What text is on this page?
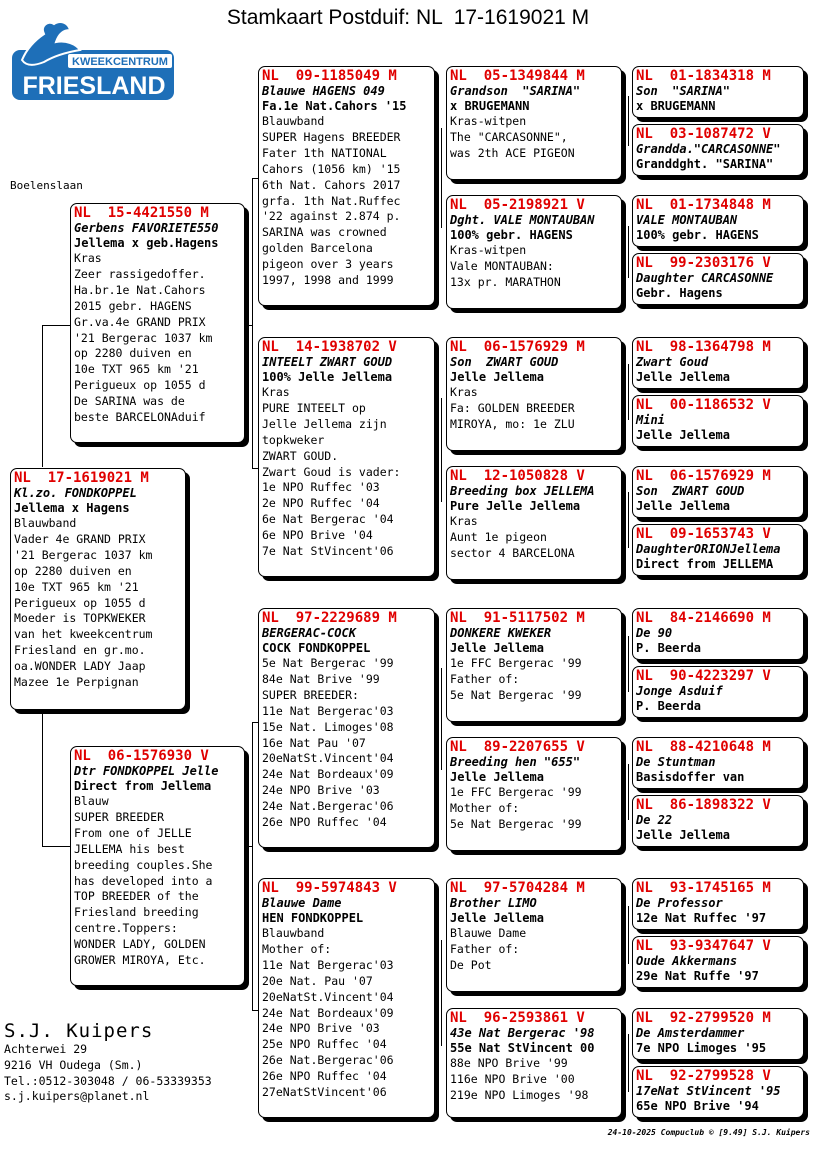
Stamkaart Postduif: NL  17-1619021 M
KWEEKCENTRUM
FRIESLAND
Boelenslaan
NL  17-1619021 M
Kl.zo. FONDKOPPEL
Jellema x Hagens
Blauwband
Vader 4e GRAND PRIX
'21 Bergerac 1037 km
op 2280 duiven en
10e TXT 965 km '21
Perigueux op 1055 d
Moeder is TOPKWEKER
van het kweekcentrum
Friesland en gr.mo.
oa.WONDER LADY Jaap
Mazee 1e Perpignan
NL  15-4421550 M
Gerbens FAVORIETE550
Jellema x geb.Hagens
Kras
Zeer rassigedoffer.
Ha.br.1e Nat.Cahors
2015 gebr. HAGENS
Gr.va.4e GRAND PRIX
'21 Bergerac 1037 km
op 2280 duiven en
10e TXT 965 km '21
Perigueux op 1055 d
De SARINA was de
beste BARCELONAduif
NL  06-1576930 V
Dtr FONDKOPPEL Jelle
Direct from Jellema
Blauw
SUPER BREEDER
From one of JELLE
JELLEMA his best
breeding couples.She
has developed into a
TOP BREEDER of the
Friesland breeding
centre.Toppers:
WONDER LADY, GOLDEN
GROWER MIROYA, Etc.
NL  09-1185049 M
Blauwe HAGENS 049
Fa.1e Nat.Cahors '15
Blauwband
SUPER Hagens BREEDER
Fater 1th NATIONAL
Cahors (1056 km) '15
6th Nat. Cahors 2017
grfa. 1th Nat.Ruffec
'22 against 2.874 p.
SARINA was crowned
golden Barcelona
pigeon over 3 years
1997, 1998 and 1999
NL  14-1938702 V
INTEELT ZWART GOUD
100% Jelle Jellema
Kras
PURE INTEELT op
Jelle Jellema zijn
topkweker
ZWART GOUD.
Zwart Goud is vader:
1e NPO Ruffec '03
2e NPO Ruffec '04
6e Nat Bergerac '04
6e NPO Brive '04
7e Nat StVincent'06
NL  97-2229689 M
BERGERAC-COCK
COCK FONDKOPPEL
5e Nat Bergerac '99
84e Nat Brive '99
SUPER BREEDER:
11e Nat Bergerac'03
15e Nat. Limoges'08
16e Nat Pau '07
20eNatSt.Vincent'04
24e Nat Bordeaux'09
24e NPO Brive '03
24e Nat.Bergerac'06
26e NPO Ruffec '04
NL  99-5974843 V
Blauwe Dame
HEN FONDKOPPEL
Blauwband
Mother of:
11e Nat Bergerac'03
20e Nat. Pau '07
20eNatSt.Vincent'04
24e Nat Bordeaux'09
24e NPO Brive '03
25e NPO Ruffec '04
26e Nat.Bergerac'06
26e NPO Ruffec '04
27eNatStVincent'06
NL  05-1349844 M
Grandson  "SARINA"
x BRUGEMANN
Kras-witpen
The "CARCASONNE",
was 2th ACE PIGEON
NL  05-2198921 V
Dght. VALE MONTAUBAN
100% gebr. HAGENS
Kras-witpen
Vale MONTAUBAN:
13x pr. MARATHON
NL  06-1576929 M
Son  ZWART GOUD
Jelle Jellema
Kras
Fa: GOLDEN BREEDER
MIROYA, mo: 1e ZLU
NL  12-1050828 V
Breeding box JELLEMA
Pure Jelle Jellema
Kras
Aunt 1e pigeon
sector 4 BARCELONA
NL  91-5117502 M
DONKERE KWEKER
Jelle Jellema
1e FFC Bergerac '99
Father of:
5e Nat Bergerac '99
NL  89-2207655 V
Breeding hen "655"
Jelle Jellema
1e FFC Bergerac '99
Mother of:
5e Nat Bergerac '99
NL  97-5704284 M
Brother LIMO
Jelle Jellema
Blauwe Dame
Father of:
De Pot
NL  96-2593861 V
43e Nat Bergerac '98
55e Nat StVincent 00
88e NPO Brive '99
116e NPO Brive '00
219e NPO Limoges '98
NL  01-1834318 M
Son  "SARINA"
x BRUGEMANN
NL  03-1087472 V
Grandda."CARCASONNE"
Granddght. "SARINA"
NL  01-1734848 M
VALE MONTAUBAN
100% gebr. HAGENS
NL  99-2303176 V
Daughter CARCASONNE
Gebr. Hagens
NL  98-1364798 M
Zwart Goud
Jelle Jellema
NL  00-1186532 V
Mini
Jelle Jellema
NL  06-1576929 M
Son  ZWART GOUD
Jelle Jellema
NL  09-1653743 V
DaughterORIONJellema
Direct from JELLEMA
NL  84-2146690 M
De 90
P. Beerda
NL  90-4223297 V
Jonge Asduif
P. Beerda
NL  88-4210648 M
De Stuntman
Basisdoffer van
NL  86-1898322 V
De 22
Jelle Jellema
NL  93-1745165 M
De Professor
12e Nat Ruffec '97
NL  93-9347647 V
Oude Akkermans
29e Nat Ruffe '97
NL  92-2799520 M
De Amsterdammer
7e NPO Limoges '95
NL  92-2799528 V
17eNat StVincent '95
65e NPO Brive '94
S.J. Kuipers
Achterwei 29
9216 VH Oudega (Sm.)
Tel.:0512-303048 / 06-53339353
s.j.kuipers@planet.nl
24-10-2025 Compuclub © [9.49] S.J. Kuipers
